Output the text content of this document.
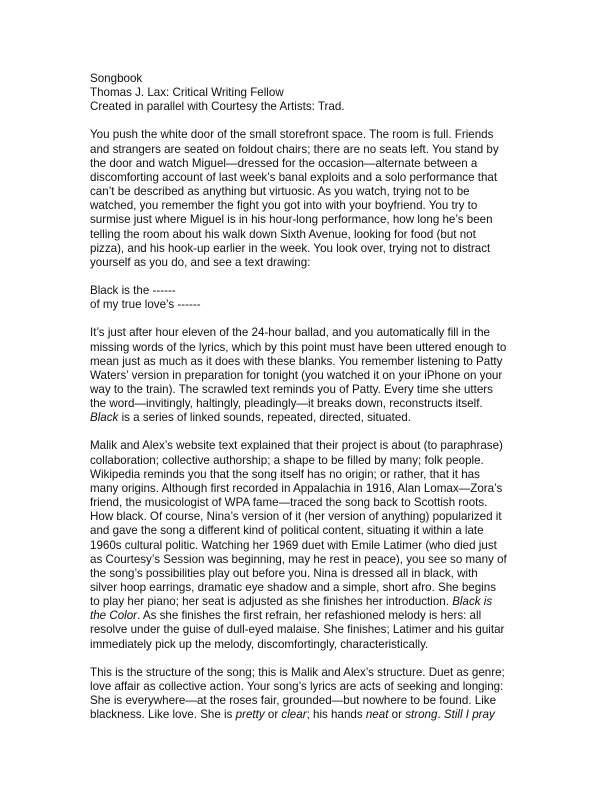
Songbook
Thomas J. Lax: Critical Writing Fellow
Created in parallel with Courtesy the Artists: Trad.

You push the white door of the small storefront space. The room is full. Friends
and strangers are seated on foldout chairs; there are no seats left. You stand by
the door and watch Miguel—dressed for the occasion—alternate between a
discomforting account of last week’s banal exploits and a solo performance that
can’t be described as anything but virtuosic. As you watch, trying not to be
watched, you remember the fight you got into with your boyfriend. You try to
surmise just where Miguel is in his hour-long performance, how long he’s been
telling the room about his walk down Sixth Avenue, looking for food (but not
pizza), and his hook-up earlier in the week. You look over, trying not to distract
yourself as you do, and see a text drawing:

Black is the ------
of my true love’s ------

It’s just after hour eleven of the 24-hour ballad, and you automatically fill in the
missing words of the lyrics, which by this point must have been uttered enough to
mean just as much as it does with these blanks. You remember listening to Patty
Waters’ version in preparation for tonight (you watched it on your iPhone on your
way to the train). The scrawled text reminds you of Patty. Every time she utters
the word—invitingly, haltingly, pleadingly—it breaks down, reconstructs itself.
Black is a series of linked sounds, repeated, directed, situated.

Malik and Alex’s website text explained that their project is about (to paraphrase)
collaboration; collective authorship; a shape to be filled by many; folk people.
Wikipedia reminds you that the song itself has no origin; or rather, that it has
many origins. Although first recorded in Appalachia in 1916, Alan Lomax—Zora’s
friend, the musicologist of WPA fame—traced the song back to Scottish roots.
How black. Of course, Nina’s version of it (her version of anything) popularized it
and gave the song a different kind of political content, situating it within a late
1960s cultural politic. Watching her 1969 duet with Emile Latimer (who died just
as Courtesy’s Session was beginning, may he rest in peace), you see so many of
the song’s possibilities play out before you. Nina is dressed all in black, with
silver hoop earrings, dramatic eye shadow and a simple, short afro. She begins
to play her piano; her seat is adjusted as she finishes her introduction. Black is
the Color. As she finishes the first refrain, her refashioned melody is hers: all
resolve under the guise of dull-eyed malaise. She finishes; Latimer and his guitar
immediately pick up the melody, discomfortingly, characteristically.

This is the structure of the song; this is Malik and Alex’s structure. Duet as genre;
love affair as collective action. Your song’s lyrics are acts of seeking and longing:
She is everywhere—at the roses fair, grounded—but nowhere to be found. Like
blackness. Like love. She is pretty or clear; his hands neat or strong. Still I pray
